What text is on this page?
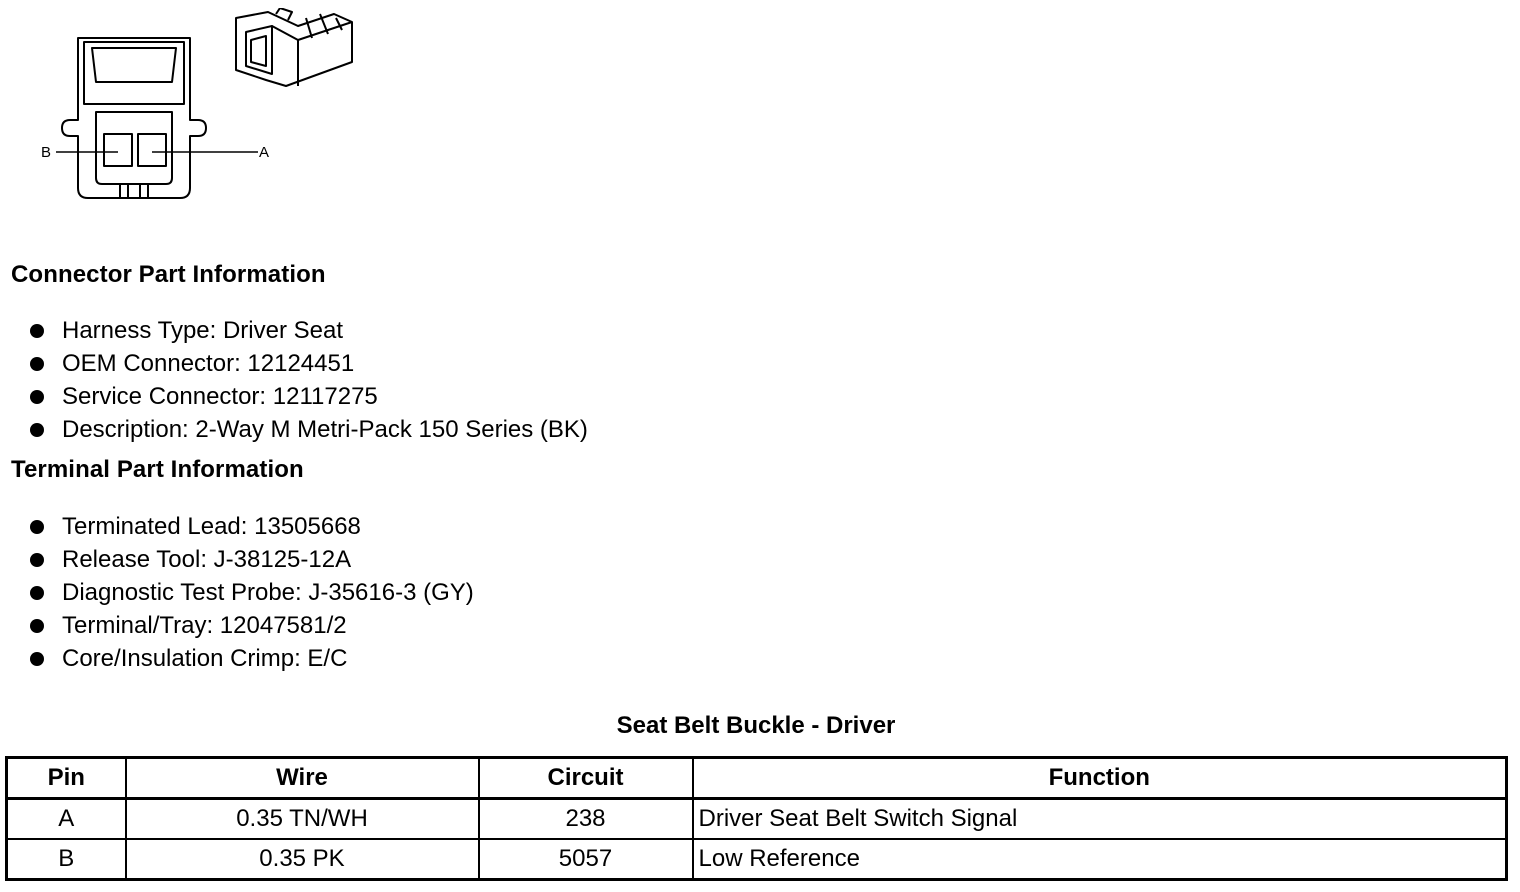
B	A
Connector Part Information
Harness Type: Driver Seat
OEM Connector: 12124451
Service Connector: 12117275
Description: 2-Way M Metri-Pack 150 Series (BK)
Terminal Part Information
Terminated Lead: 13505668
Release Tool: J-38125-12A
Diagnostic Test Probe: J-35616-3 (GY)
Terminal/Tray: 12047581/2
Core/Insulation Crimp: E/C
Seat Belt Buckle - Driver
Pin	Wire	Circuit	Function
A	0.35 TN/WH	238	Driver Seat Belt Switch Signal
B	0.35 PK	5057	Low Reference
